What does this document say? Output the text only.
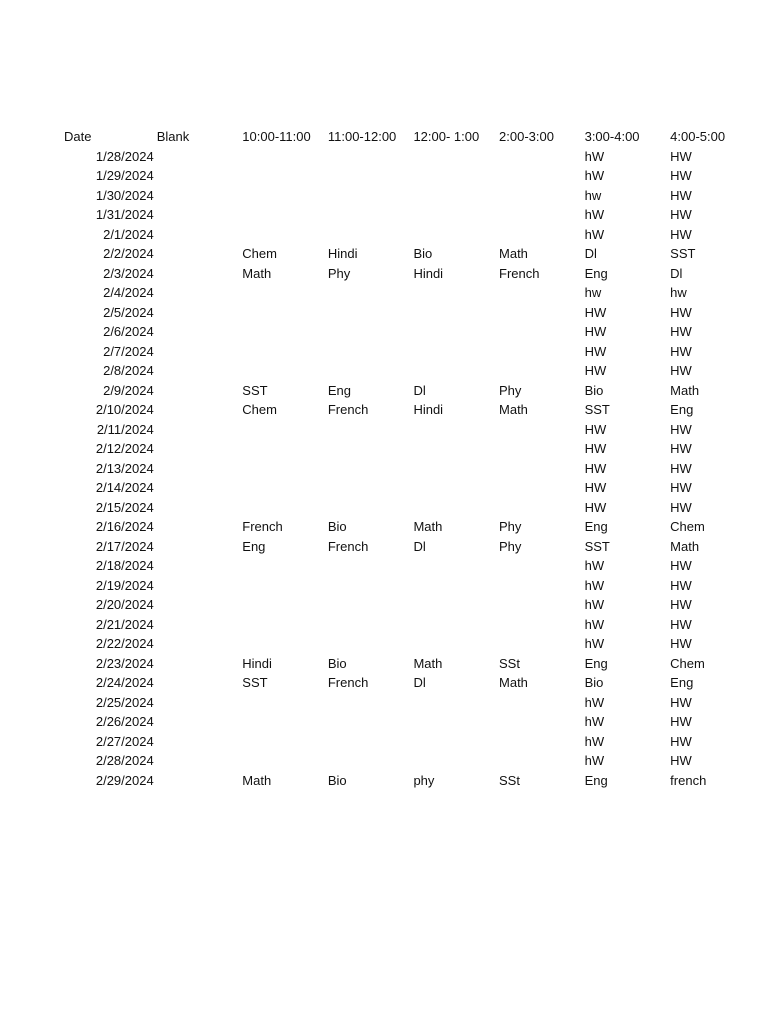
Date	Blank	10:00-11:00	11:00-12:00	12:00- 1:00	2:00-3:00	3:00-4:00	4:00-5:00
1/28/2024						hW	HW
1/29/2024						hW	HW
1/30/2024						hw	HW
1/31/2024						hW	HW
2/1/2024						hW	HW
2/2/2024		Chem	Hindi	Bio	Math	Dl	SST
2/3/2024		Math	Phy	Hindi	French	Eng	Dl
2/4/2024						hw	hw
2/5/2024						HW	HW
2/6/2024						HW	HW
2/7/2024						HW	HW
2/8/2024						HW	HW
2/9/2024		SST	Eng	Dl	Phy	Bio	Math
2/10/2024		Chem	French	Hindi	Math	SST	Eng
2/11/2024						HW	HW
2/12/2024						HW	HW
2/13/2024						HW	HW
2/14/2024						HW	HW
2/15/2024						HW	HW
2/16/2024		French	Bio	Math	Phy	Eng	Chem
2/17/2024		Eng	French	Dl	Phy	SST	Math
2/18/2024						hW	HW
2/19/2024						hW	HW
2/20/2024						hW	HW
2/21/2024						hW	HW
2/22/2024						hW	HW
2/23/2024		Hindi	Bio	Math	SSt	Eng	Chem
2/24/2024		SST	French	Dl	Math	Bio	Eng
2/25/2024						hW	HW
2/26/2024						hW	HW
2/27/2024						hW	HW
2/28/2024						hW	HW
2/29/2024		Math	Bio	phy	SSt	Eng	french
